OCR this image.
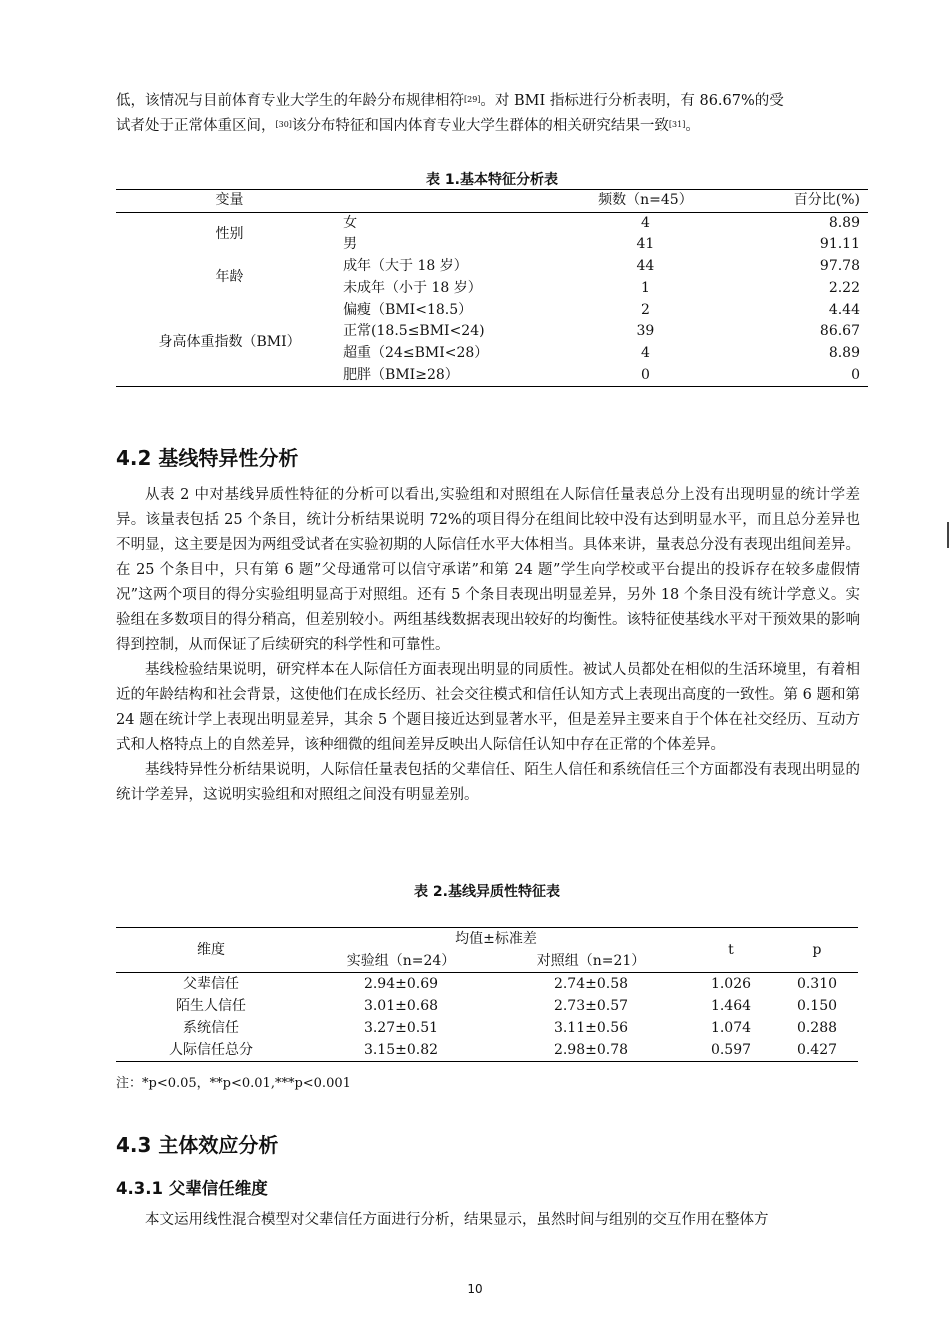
低，该情况与目前体育专业大学生的年龄分布规律相符[29]。对 BMI 指标进行分析表明，有 86.67%的受
试者处于正常体重区间，[30]该分布特征和国内体育专业大学生群体的相关研究结果一致[31]。

表 1.基本特征分析表
变量		频数（n=45）	百分比(%)
性别	女	4	8.89
	男	41	91.11
年龄	成年（大于 18 岁）	44	97.78
	未成年（小于 18 岁）	1	2.22
身高体重指数（BMI）	偏瘦（BMI<18.5）	2	4.44
	正常(18.5≤BMI<24)	39	86.67
	超重（24≤BMI<28）	4	8.89
	肥胖（BMI≥28）	0	0
4.2 基线特异性分析

从表 2 中对基线异质性特征的分析可以看出,实验组和对照组在人际信任量表总分上没有出现明显的统计学差异。该量表包括 25 个条目，统计分析结果说明 72%的项目得分在组间比较中没有达到明显水平，而且总分差异也不明显，这主要是因为两组受试者在实验初期的人际信任水平大体相当。具体来讲，量表总分没有表现出组间差异。在 25 个条目中，只有第 6 题”父母通常可以信守承诺”和第 24 题”学生向学校或平台提出的投诉存在较多虚假情况”这两个项目的得分实验组明显高于对照组。还有 5 个条目表现出明显差异，另外 18 个条目没有统计学意义。实验组在多数项目的得分稍高，但差别较小。两组基线数据表现出较好的均衡性。该特征使基线水平对干预效果的影响得到控制，从而保证了后续研究的科学性和可靠性。

基线检验结果说明，研究样本在人际信任方面表现出明显的同质性。被试人员都处在相似的生活环境里，有着相近的年龄结构和社会背景，这使他们在成长经历、社会交往模式和信任认知方式上表现出高度的一致性。第 6 题和第 24 题在统计学上表现出明显差异，其余 5 个题目接近达到显著水平，但是差异主要来自于个体在社交经历、互动方式和人格特点上的自然差异，该种细微的组间差异反映出人际信任认知中存在正常的个体差异。

基线特异性分析结果说明，人际信任量表包括的父辈信任、陌生人信任和系统信任三个方面都没有表现出明显的统计学差异，这说明实验组和对照组之间没有明显差别。

表 2.基线异质性特征表
维度	均值±标准差		t	p
	实验组（n=24）	对照组（n=21）		
父辈信任	2.94±0.69	2.74±0.58	1.026	0.310
陌生人信任	3.01±0.68	2.73±0.57	1.464	0.150
系统信任	3.27±0.51	3.11±0.56	1.074	0.288
人际信任总分	3.15±0.82	2.98±0.78	0.597	0.427
注：*p<0.05，**p<0.01,***p<0.001
4.3 主体效应分析
4.3.1 父辈信任维度

本文运用线性混合模型对父辈信任方面进行分析，结果显示，虽然时间与组别的交互作用在整体方

10
